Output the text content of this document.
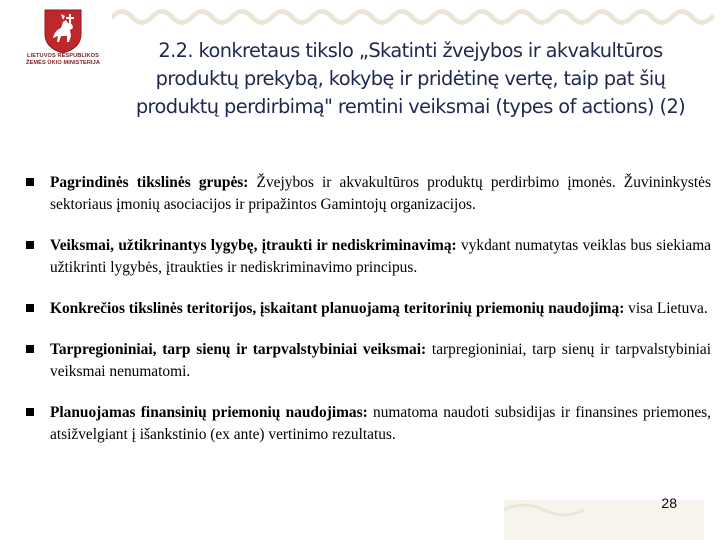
LIETUVOS RESPUBLIKOS
ŽEMĖS ŪKIO MINISTERIJA
2.2. konkretaus tikslo „Skatinti žvejybos ir akvakultūros produktų prekybą, kokybę ir pridėtinę vertę, taip pat šių produktų perdirbimą" remtini veiksmai (types of actions) (2)
Pagrindinės tikslinės grupės: Žvejybos ir akvakultūros produktų perdirbimo įmonės. Žuvininkystės sektoriaus įmonių asociacijos ir pripažintos Gamintojų organizacijos.
Veiksmai, užtikrinantys lygybę, įtraukti ir nediskriminavimą: vykdant numatytas veiklas bus siekiama užtikrinti lygybės, įtraukties ir nediskriminavimo principus.
Konkrečios tikslinės teritorijos, įskaitant planuojamą teritorinių priemonių naudojimą: visa Lietuva.
Tarpregioniniai, tarp sienų ir tarpvalstybiniai veiksmai: tarpregioniniai, tarp sienų ir tarpvalstybiniai veiksmai nenumatomi.
Planuojamas finansinių priemonių naudojimas: numatoma naudoti subsidijas ir finansines priemones, atsižvelgiant į išankstinio (ex ante) vertinimo rezultatus.
28
